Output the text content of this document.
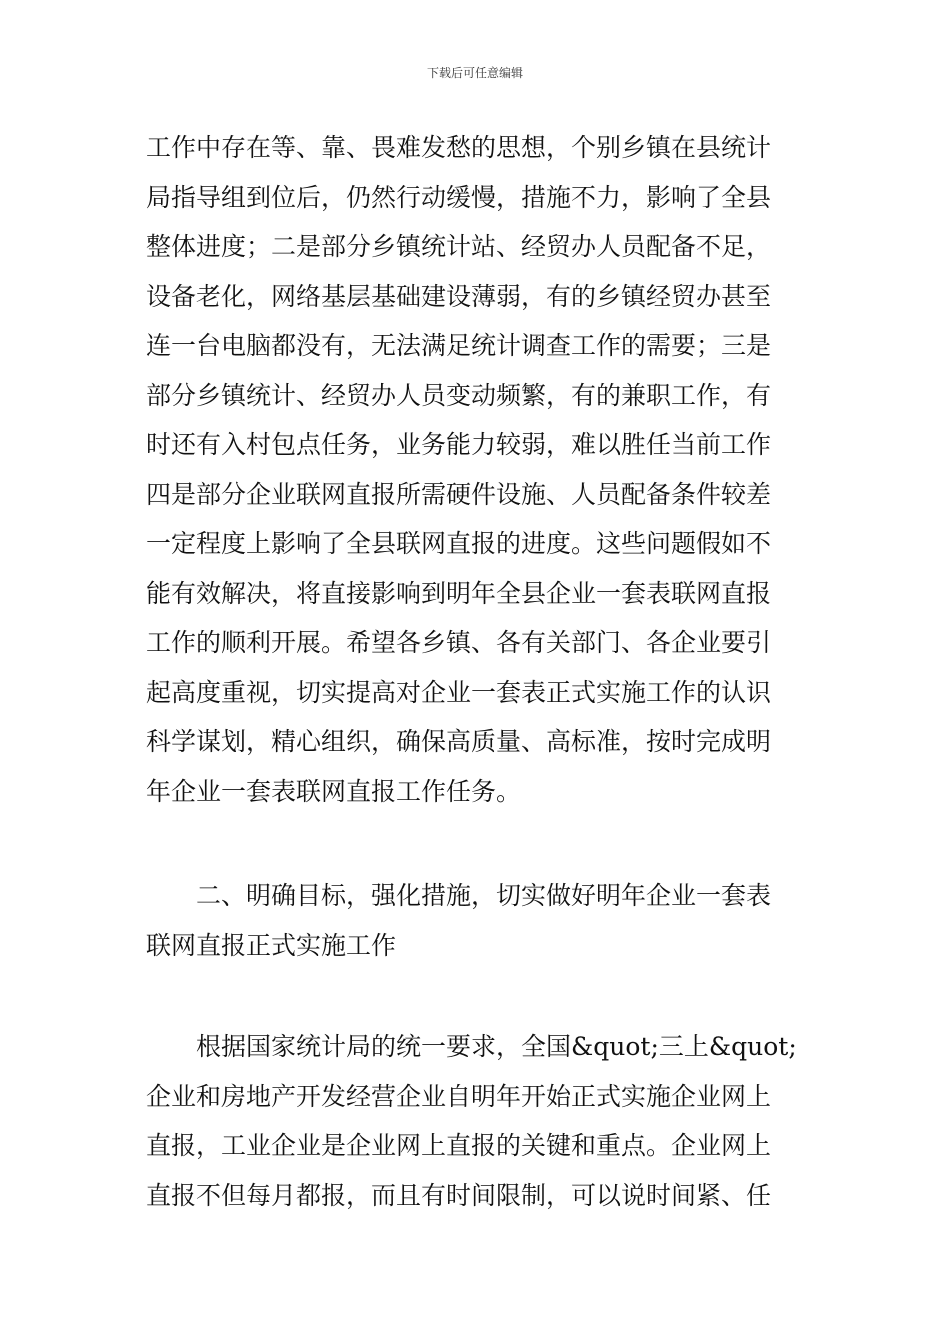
下载后可任意编辑
工作中存在等、靠、畏难发愁的思想，个别乡镇在县统计
局指导组到位后，仍然行动缓慢，措施不力，影响了全县
整体进度；二是部分乡镇统计站、经贸办人员配备不足，
设备老化，网络基层基础建设薄弱，有的乡镇经贸办甚至
连一台电脑都没有，无法满足统计调查工作的需要；三是
部分乡镇统计、经贸办人员变动频繁，有的兼职工作，有
时还有入村包点任务，业务能力较弱，难以胜任当前工作
四是部分企业联网直报所需硬件设施、人员配备条件较差
一定程度上影响了全县联网直报的进度。这些问题假如不
能有效解决，将直接影响到明年全县企业一套表联网直报
工作的顺利开展。希望各乡镇、各有关部门、各企业要引
起高度重视，切实提高对企业一套表正式实施工作的认识
科学谋划，精心组织，确保高质量、高标准，按时完成明
年企业一套表联网直报工作任务。
二、明确目标，强化措施，切实做好明年企业一套表
联网直报正式实施工作
根据国家统计局的统一要求，全国&quot;三上&quot;
企业和房地产开发经营企业自明年开始正式实施企业网上
直报，工业企业是企业网上直报的关键和重点。企业网上
直报不但每月都报，而且有时间限制，可以说时间紧、任
